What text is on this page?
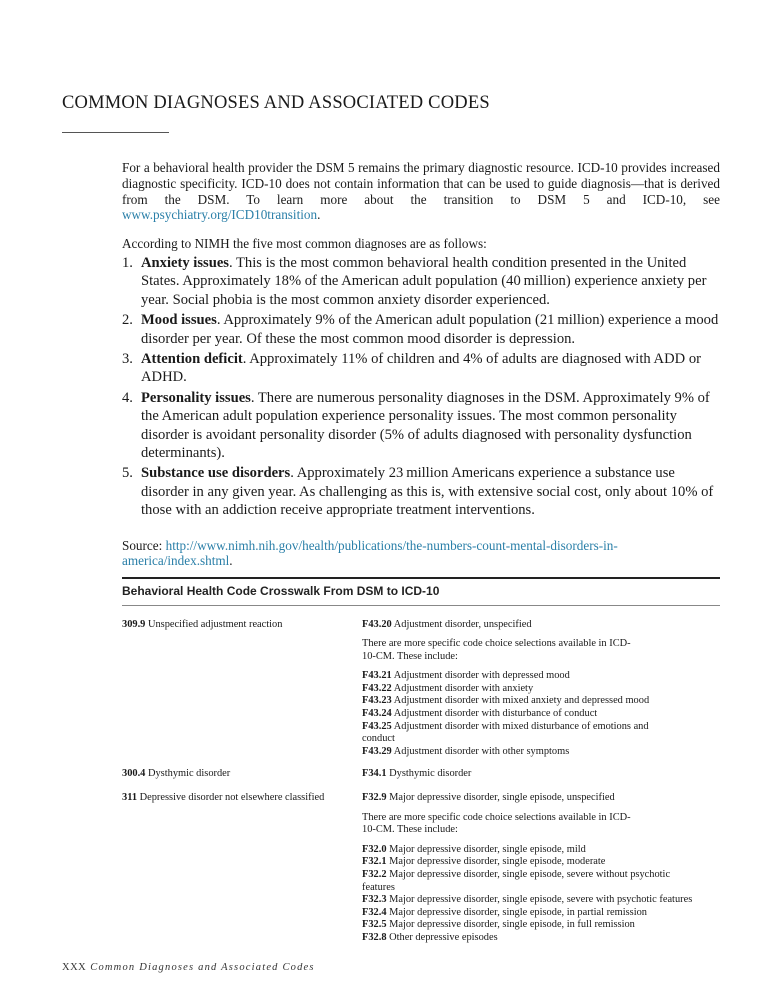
COMMON DIAGNOSES AND ASSOCIATED CODES

For a behavioral health provider the DSM 5 remains the primary diagnostic resource. ICD-10 provides increased diagnostic specificity. ICD-10 does not contain information that can be used to guide diagnosis—that is derived from the DSM. To learn more about the transition to DSM 5 and ICD-10, see www.psychiatry.org/ICD10transition.

According to NIMH the five most common diagnoses are as follows:

1. Anxiety issues. This is the most common behavioral health condition presented in the United States. Approximately 18% of the American adult population (40 million) experience anxiety per year. Social phobia is the most common anxiety disorder experienced.
2. Mood issues. Approximately 9% of the American adult population (21 million) experience a mood disorder per year. Of these the most common mood disorder is depression.
3. Attention deficit. Approximately 11% of children and 4% of adults are diagnosed with ADD or ADHD.
4. Personality issues. There are numerous personality diagnoses in the DSM. Approximately 9% of the American adult population experience personality issues. The most common personality disorder is avoidant personality disorder (5% of adults diagnosed with personality dysfunction determinants).
5. Substance use disorders. Approximately 23 million Americans experience a substance use disorder in any given year. As challenging as this is, with extensive social cost, only about 10% of those with an addiction receive appropriate treatment interventions.

Source: http://www.nimh.nih.gov/health/publications/the-numbers-count-mental-disorders-in-america/index.shtml.

Behavioral Health Code Crosswalk From DSM to ICD-10
309.9 Unspecified adjustment reaction	F43.20 Adjustment disorder, unspecified

There are more specific code choice selections available in ICD-10-CM. These include:

F43.21 Adjustment disorder with depressed mood

F43.22 Adjustment disorder with anxiety

F43.23 Adjustment disorder with mixed anxiety and depressed mood

F43.24 Adjustment disorder with disturbance of conduct

F43.25 Adjustment disorder with mixed disturbance of emotions and conduct

F43.29 Adjustment disorder with other symptoms

300.4 Dysthymic disorder	F34.1 Dysthymic disorder

311 Depressive disorder not elsewhere classified	F32.9 Major depressive disorder, single episode, unspecified

There are more specific code choice selections available in ICD-10-CM. These include:

F32.0 Major depressive disorder, single episode, mild

F32.1 Major depressive disorder, single episode, moderate

F32.2 Major depressive disorder, single episode, severe without psychotic features

F32.3 Major depressive disorder, single episode, severe with psychotic features

F32.4 Major depressive disorder, single episode, in partial remission

F32.5 Major depressive disorder, single episode, in full remission

F32.8 Other depressive episodes

XXX Common Diagnoses and Associated Codes
